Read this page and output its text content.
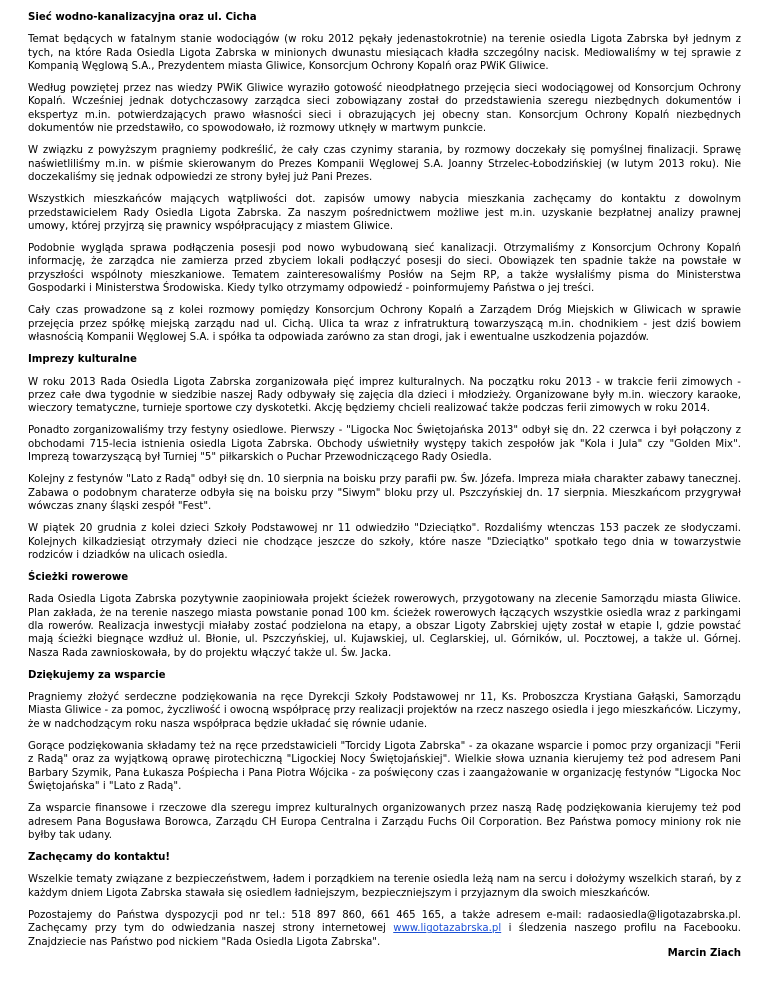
Sieć wodno-kanalizacyjna oraz ul. Cicha

Temat będących w fatalnym stanie wodociągów (w roku 2012 pękały jedenastokrotnie) na terenie osiedla Ligota Zabrska był jednym z tych, na które Rada Osiedla Ligota Zabrska w minionych dwunastu miesiącach kładła szczególny nacisk. Mediowaliśmy w tej sprawie z Kompanią Węglową S.A., Prezydentem miasta Gliwice, Konsorcjum Ochrony Kopalń oraz PWiK Gliwice.

Według powziętej przez nas wiedzy PWiK Gliwice wyraziło gotowość nieodpłatnego przejęcia sieci wodociągowej od Konsorcjum Ochrony Kopalń. Wcześniej jednak dotychczasowy zarządca sieci zobowiązany został do przedstawienia szeregu niezbędnych dokumentów i ekspertyz m.in. potwierdzających prawo własności sieci i obrazujących jej obecny stan. Konsorcjum Ochrony Kopalń niezbędnych dokumentów nie przedstawiło, co spowodowało, iż rozmowy utknęły w martwym punkcie.

W związku z powyższym pragniemy podkreślić, że cały czas czynimy starania, by rozmowy doczekały się pomyślnej finalizacji. Sprawę naświetliliśmy m.in. w piśmie skierowanym do Prezes Kompanii Węglowej S.A. Joanny Strzelec-Łobodzińskiej (w lutym 2013 roku). Nie doczekaliśmy się jednak odpowiedzi ze strony byłej już Pani Prezes.

Wszystkich mieszkańców mających wątpliwości dot. zapisów umowy nabycia mieszkania zachęcamy do kontaktu z dowolnym przedstawicielem Rady Osiedla Ligota Zabrska. Za naszym pośrednictwem możliwe jest m.in. uzyskanie bezpłatnej analizy prawnej umowy, której przyjrzą się prawnicy współpracujący z miastem Gliwice.

Podobnie wygląda sprawa podłączenia posesji pod nowo wybudowaną sieć kanalizacji. Otrzymaliśmy z Konsorcjum Ochrony Kopalń informację, że zarządca nie zamierza przed zbyciem lokali podłączyć posesji do sieci. Obowiązek ten spadnie także na powstałe w przyszłości wspólnoty mieszkaniowe. Tematem zainteresowaliśmy Posłów na Sejm RP, a także wysłaliśmy pisma do Ministerstwa Gospodarki i Ministerstwa Środowiska. Kiedy tylko otrzymamy odpowiedź - poinformujemy Państwa o jej treści.

Cały czas prowadzone są z kolei rozmowy pomiędzy Konsorcjum Ochrony Kopalń a Zarządem Dróg Miejskich w Gliwicach w sprawie przejęcia przez spółkę miejską zarządu nad ul. Cichą. Ulica ta wraz z infratrukturą towarzyszącą m.in. chodnikiem - jest dziś bowiem własnością Kompanii Węglowej S.A. i spółka ta odpowiada zarówno za stan drogi, jak i ewentualne uszkodzenia pojazdów.

Imprezy kulturalne

W roku 2013 Rada Osiedla Ligota Zabrska zorganizowała pięć imprez kulturalnych. Na początku roku 2013 - w trakcie ferii zimowych - przez całe dwa tygodnie w siedzibie naszej Rady odbywały się zajęcia dla dzieci i młodzieży. Organizowane były m.in. wieczory karaoke, wieczory tematyczne, turnieje sportowe czy dyskotetki. Akcję będziemy chcieli realizować także podczas ferii zimowych w roku 2014.

Ponadto zorganizowaliśmy trzy festyny osiedlowe. Pierwszy - "Ligocka Noc Świętojańska 2013" odbył się dn. 22 czerwca i był połączony z obchodami 715-lecia istnienia osiedla Ligota Zabrska. Obchody uświetniły występy takich zespołów jak "Kola i Jula" czy "Golden Mix". Imprezą towarzyszącą był Turniej "5" piłkarskich o Puchar Przewodniczącego Rady Osiedla.

Kolejny z festynów "Lato z Radą" odbył się dn. 10 sierpnia na boisku przy parafii pw. Św. Józefa. Impreza miała charakter zabawy tanecznej. Zabawa o podobnym charaterze odbyła się na boisku przy "Siwym" bloku przy ul. Pszczyńskiej dn. 17 sierpnia. Mieszkańcom przygrywał wówczas znany śląski zespół "Fest".

W piątek 20 grudnia z kolei dzieci Szkoły Podstawowej nr 11 odwiedziło "Dzieciątko". Rozdaliśmy wtenczas 153 paczek ze słodyczami. Kolejnych kilkadziesiąt otrzymały dzieci nie chodzące jeszcze do szkoły, które nasze "Dzieciątko" spotkało tego dnia w towarzystwie rodziców i dziadków na ulicach osiedla.

Ścieżki rowerowe

Rada Osiedla Ligota Zabrska pozytywnie zaopiniowała projekt ścieżek rowerowych, przygotowany na zlecenie Samorządu miasta Gliwice. Plan zakłada, że na terenie naszego miasta powstanie ponad 100 km. ścieżek rowerowych łączących wszystkie osiedla wraz z parkingami dla rowerów. Realizacja inwestycji miałaby zostać podzielona na etapy, a obszar Ligoty Zabrskiej ujęty został w etapie I, gdzie powstać mają ścieżki biegnące wzdłuż ul. Błonie, ul. Pszczyńskiej, ul. Kujawskiej, ul. Ceglarskiej, ul. Górników, ul. Pocztowej, a także ul. Górnej. Nasza Rada zawnioskowała, by do projektu włączyć także ul. Św. Jacka.

Dziękujemy za wsparcie

Pragniemy złożyć serdeczne podziękowania na ręce Dyrekcji Szkoły Podstawowej nr 11, Ks. Proboszcza Krystiana Gałąski, Samorządu Miasta Gliwice - za pomoc, życzliwość i owocną współpracę przy realizacji projektów na rzecz naszego osiedla i jego mieszkańców. Liczymy, że w nadchodzącym roku nasza współpraca będzie układać się równie udanie.

Gorące podziękowania składamy też na ręce przedstawicieli "Torcidy Ligota Zabrska" - za okazane wsparcie i pomoc przy organizacji "Ferii z Radą" oraz za wyjątkową oprawę pirotechiczną "Ligockiej Nocy Świętojańskiej". Wielkie słowa uznania kierujemy też pod adresem Pani Barbary Szymik, Pana Łukasza Pośpiecha i Pana Piotra Wójcika - za poświęcony czas i zaangażowanie w organizację festynów "Ligocka Noc Świętojańska" i "Lato z Radą".

Za wsparcie finansowe i rzeczowe dla szeregu imprez kulturalnych organizowanych przez naszą Radę podziękowania kierujemy też pod adresem Pana Bogusława Borowca, Zarządu CH Europa Centralna i Zarządu Fuchs Oil Corporation. Bez Państwa pomocy miniony rok nie byłby tak udany.

Zachęcamy do kontaktu!

Wszelkie tematy związane z bezpieczeństwem, ładem i porządkiem na terenie osiedla leżą nam na sercu i dołożymy wszelkich starań, by z każdym dniem Ligota Zabrska stawała się osiedlem ładniejszym, bezpieczniejszym i przyjaznym dla swoich mieszkańców.

Pozostajemy do Państwa dyspozycji pod nr tel.: 518 897 860, 661 465 165, a także adresem e-mail: radaosiedla@ligotazabrska.pl. Zachęcamy przy tym do odwiedzania naszej strony internetowej www.ligotazabrska.pl i śledzenia naszego profilu na Facebooku. Znajdziecie nas Państwo pod nickiem "Rada Osiedla Ligota Zabrska".

Marcin Ziach
